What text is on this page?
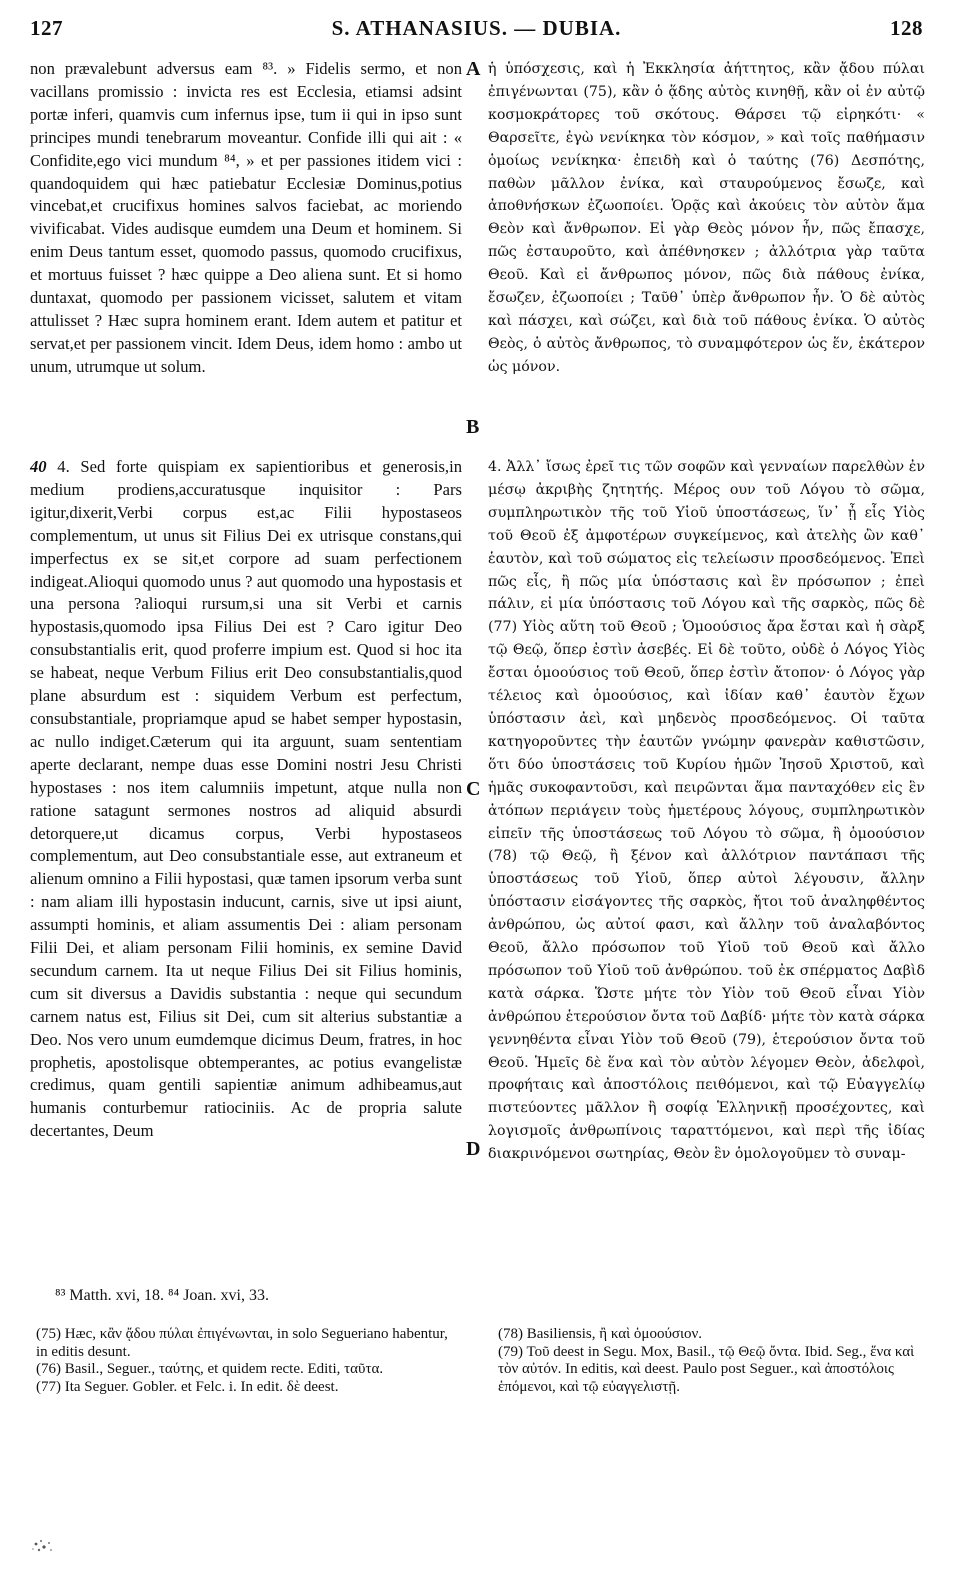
127	S. ATHANASIUS. — DUBIA.	128

non prævalebunt adversus eam ⁸³. » Fidelis sermo, et non vacillans promissio : invicta res est Ecclesia, etiamsi adsint portæ inferi, quamvis cum infernus ipse, tum ii qui in ipso sunt principes mundi tenebrarum moveantur. Confide illi qui ait : « Confidite,ego vici mundum ⁸⁴, » et per passiones itidem vici : quandoquidem qui hæc patiebatur Ecclesiæ Dominus,potius vincebat,et crucifixus homines salvos faciebat, ac moriendo vivificabat. Vides audisque eumdem una Deum et hominem. Si enim Deus tantum esset, quomodo passus, quomodo crucifixus, et mortuus fuisset ? hæc quippe a Deo aliena sunt. Et si homo duntaxat, quomodo per passionem vicisset, salutem et vitam attulisset ? Hæc supra hominem erant. Idem autem et patitur et servat,et per passionem vincit. Idem Deus, idem homo : ambo ut unum, utrumque ut solum.

ἡ ὑπόσχεσις, καὶ ἡ Ἐκκλησία ἀήττητος, κἂν ᾄδου πύλαι ἐπιγένωνται (75), κἂν ὁ ᾅδης αὐτὸς κινηθῇ, κἂν οἱ ἐν αὐτῷ κοσμοκράτορες τοῦ σκότους. Θάρσει τῷ εἰρηκότι· « Θαρσεῖτε, ἐγὼ νενίκηκα τὸν κόσμον, » καὶ τοῖς παθήμασιν ὁμοίως νενίκηκα· ἐπειδὴ καὶ ὁ ταύτης (76) Δεσπότης, παθὼν μᾶλλον ἐνίκα, καὶ σταυρούμενος ἔσωζε, καὶ ἀποθνήσκων ἐζωοποίει. Ὁρᾷς καὶ ἀκούεις τὸν αὐτὸν ἅμα Θεὸν καὶ ἄνθρωπον. Εἰ γὰρ Θεὸς μόνον ἦν, πῶς ἔπασχε, πῶς ἐσταυροῦτο, καὶ ἀπέθνησκεν ; ἀλλότρια γὰρ ταῦτα Θεοῦ. Καὶ εἰ ἄνθρωπος μόνον, πῶς διὰ πάθους ἐνίκα, ἔσωζεν, ἐζωοποίει ; Ταῦθ᾽ ὑπὲρ ἄνθρωπον ἦν. Ὁ δὲ αὐτὸς καὶ πάσχει, καὶ σώζει, καὶ διὰ τοῦ πάθους ἐνίκα. Ὁ αὐτὸς Θεὸς, ὁ αὐτὸς ἄνθρωπος, τὸ συναμφότερον ὡς ἕν, ἑκάτερον ὡς μόνον.

40 4. Sed forte quispiam ex sapientioribus et generosis,in medium prodiens,accuratusque inquisitor : Pars igitur,dixerit,Verbi corpus est,ac Filii hypostaseos complementum, ut unus sit Filius Dei ex utrisque constans,qui imperfectus ex se sit,et corpore ad suam perfectionem indigeat.Alioqui quomodo unus ? aut quomodo una hypostasis et una persona ?alioqui rursum,si una sit Verbi et carnis hypostasis,quomodo ipsa Filius Dei est ? Caro igitur Deo consubstantialis erit, quod proferre impium est. Quod si hoc ita se habeat, neque Verbum Filius erit Deo consubstantialis,quod plane absurdum est : siquidem Verbum est perfectum, consubstantiale, propriamque apud se habet semper hypostasin, ac nullo indiget.Cæterum qui ita arguunt, suam sententiam aperte declarant, nempe duas esse Domini nostri Jesu Christi hypostases : nos item calumniis impetunt, atque nulla non ratione satagunt sermones nostros ad aliquid absurdi detorquere,ut dicamus corpus, Verbi hypostaseos complementum, aut Deo consubstantiale esse, aut extraneum et alienum omnino a Filii hypostasi, quæ tamen ipsorum verba sunt : nam aliam illi hypostasin inducunt, carnis, sive ut ipsi aiunt, assumpti hominis, et aliam assumentis Dei : aliam personam Filii Dei, et aliam personam Filii hominis, ex semine David secundum carnem. Ita ut neque Filius Dei sit Filius hominis, cum sit diversus a Davidis substantia : neque qui secundum carnem natus est, Filius sit Dei, cum sit alterius substantiæ a Deo. Nos vero unum eumdemque dicimus Deum, fratres, in hoc prophetis, apostolisque obtemperantes, ac potius evangelistæ credimus, quam gentili sapientiæ animum adhibeamus,aut humanis conturbemur ratiociniis. Ac de propria salute decertantes, Deum

4. Ἀλλ᾽ ἴσως ἐρεῖ τις τῶν σοφῶν καὶ γενναίων παρελθὼν ἐν μέσῳ ἀκριβὴς ζητητής. Μέρος ουν τοῦ Λόγου τὸ σῶμα, συμπληρωτικὸν τῆς τοῦ Υἱοῦ ὑποστάσεως, ἵν᾽ ᾖ εἷς Υἱὸς τοῦ Θεοῦ ἐξ ἀμφοτέρων συγκείμενος, καὶ ἀτελὴς ὢν καθ᾽ ἑαυτὸν, καὶ τοῦ σώματος εἰς τελείωσιν προσδεόμενος. Ἐπεὶ πῶς εἷς, ἢ πῶς μία ὑπόστασις καὶ ἓν πρόσωπον ; ἐπεὶ πάλιν, εἰ μία ὑπόστασις τοῦ Λόγου καὶ τῆς σαρκὸς, πῶς δὲ (77) Υἱὸς αὕτη τοῦ Θεοῦ ; Ὁμοούσιος ἄρα ἔσται καὶ ἡ σὰρξ τῷ Θεῷ, ὅπερ ἐστὶν ἀσεβές. Εἰ δὲ τοῦτο, οὐδὲ ὁ Λόγος Υἱὸς ἔσται ὁμοούσιος τοῦ Θεοῦ, ὅπερ ἐστὶν ἄτοπον· ὁ Λόγος γὰρ τέλειος καὶ ὁμοούσιος, καὶ ἰδίαν καθ᾽ ἑαυτὸν ἔχων ὑπόστασιν ἀεὶ, καὶ μηδενὸς προσδεόμενος. Οἱ ταῦτα κατηγοροῦντες τὴν ἑαυτῶν γνώμην φανερὰν καθιστῶσιν, ὅτι δύο ὑποστάσεις τοῦ Κυρίου ἡμῶν Ἰησοῦ Χριστοῦ, καὶ ἡμᾶς συκοφαντοῦσι, καὶ πειρῶνται ἅμα πανταχόθεν εἰς ἓν ἀτόπων περιάγειν τοὺς ἡμετέρους λόγους, συμπληρωτικὸν εἰπεῖν τῆς ὑποστάσεως τοῦ Λόγου τὸ σῶμα, ἢ ὁμοούσιον (78) τῷ Θεῷ, ἢ ξένον καὶ ἀλλότριον παντάπασι τῆς ὑποστάσεως τοῦ Υἱοῦ, ὅπερ αὐτοὶ λέγουσιν, ἄλλην ὑπόστασιν εἰσάγοντες τῆς σαρκὸς, ἤτοι τοῦ ἀναληφθέντος ἀνθρώπου, ὡς αὐτοί φασι, καὶ ἄλλην τοῦ ἀναλαβόντος Θεοῦ, ἄλλο πρόσωπον τοῦ Υἱοῦ τοῦ Θεοῦ καὶ ἄλλο πρόσωπον τοῦ Υἱοῦ τοῦ ἀνθρώπου. τοῦ ἐκ σπέρματος Δαβὶδ κατὰ σάρκα. Ὥστε μήτε τὸν Υἱὸν τοῦ Θεοῦ εἶναι Υἱὸν ἀνθρώπου ἑτερούσιον ὄντα τοῦ Δαβίδ· μήτε τὸν κατὰ σάρκα γεννηθέντα εἶναι Υἱὸν τοῦ Θεοῦ (79), ἑτερούσιον ὄντα τοῦ Θεοῦ. Ἡμεῖς δὲ ἕνα καὶ τὸν αὐτὸν λέγομεν Θεὸν, ἀδελφοὶ, προφήταις καὶ ἀποστόλοις πειθόμενοι, καὶ τῷ Εὐαγγελίῳ πιστεύοντες μᾶλλον ἢ σοφίᾳ Ἑλληνικῇ προσέχοντες, καὶ λογισμοῖς ἀνθρωπίνοις ταραττόμενοι, καὶ περὶ τῆς ἰδίας διακρινόμενοι σωτηρίας, Θεὸν ἓν ὁμολογοῦμεν τὸ συναμ-

A
B
C
D
⁸³ Matth. xvi, 18. ⁸⁴ Joan. xvi, 33.

(75) Hæc, κἂν ᾄδου πύλαι ἐπιγένωνται, in solo Segueriano habentur, in editis desunt.

(76) Basil., Seguer., ταύτης, et quidem recte. Editi, ταῦτα.

(77) Ita Seguer. Gobler. et Felc. i. In edit. δὲ deest.

(78) Basiliensis, ἢ καὶ ὁμοούσιον.

(79) Τοῦ deest in Segu. Mox, Basil., τῷ Θεῷ ὄντα. Ibid. Seg., ἕνα καὶ τὸν αὐτόν. In editis, καὶ deest. Paulo post Seguer., καὶ ἀποστόλοις ἑπόμενοι, καὶ τῷ εὐαγγελιστῇ.
